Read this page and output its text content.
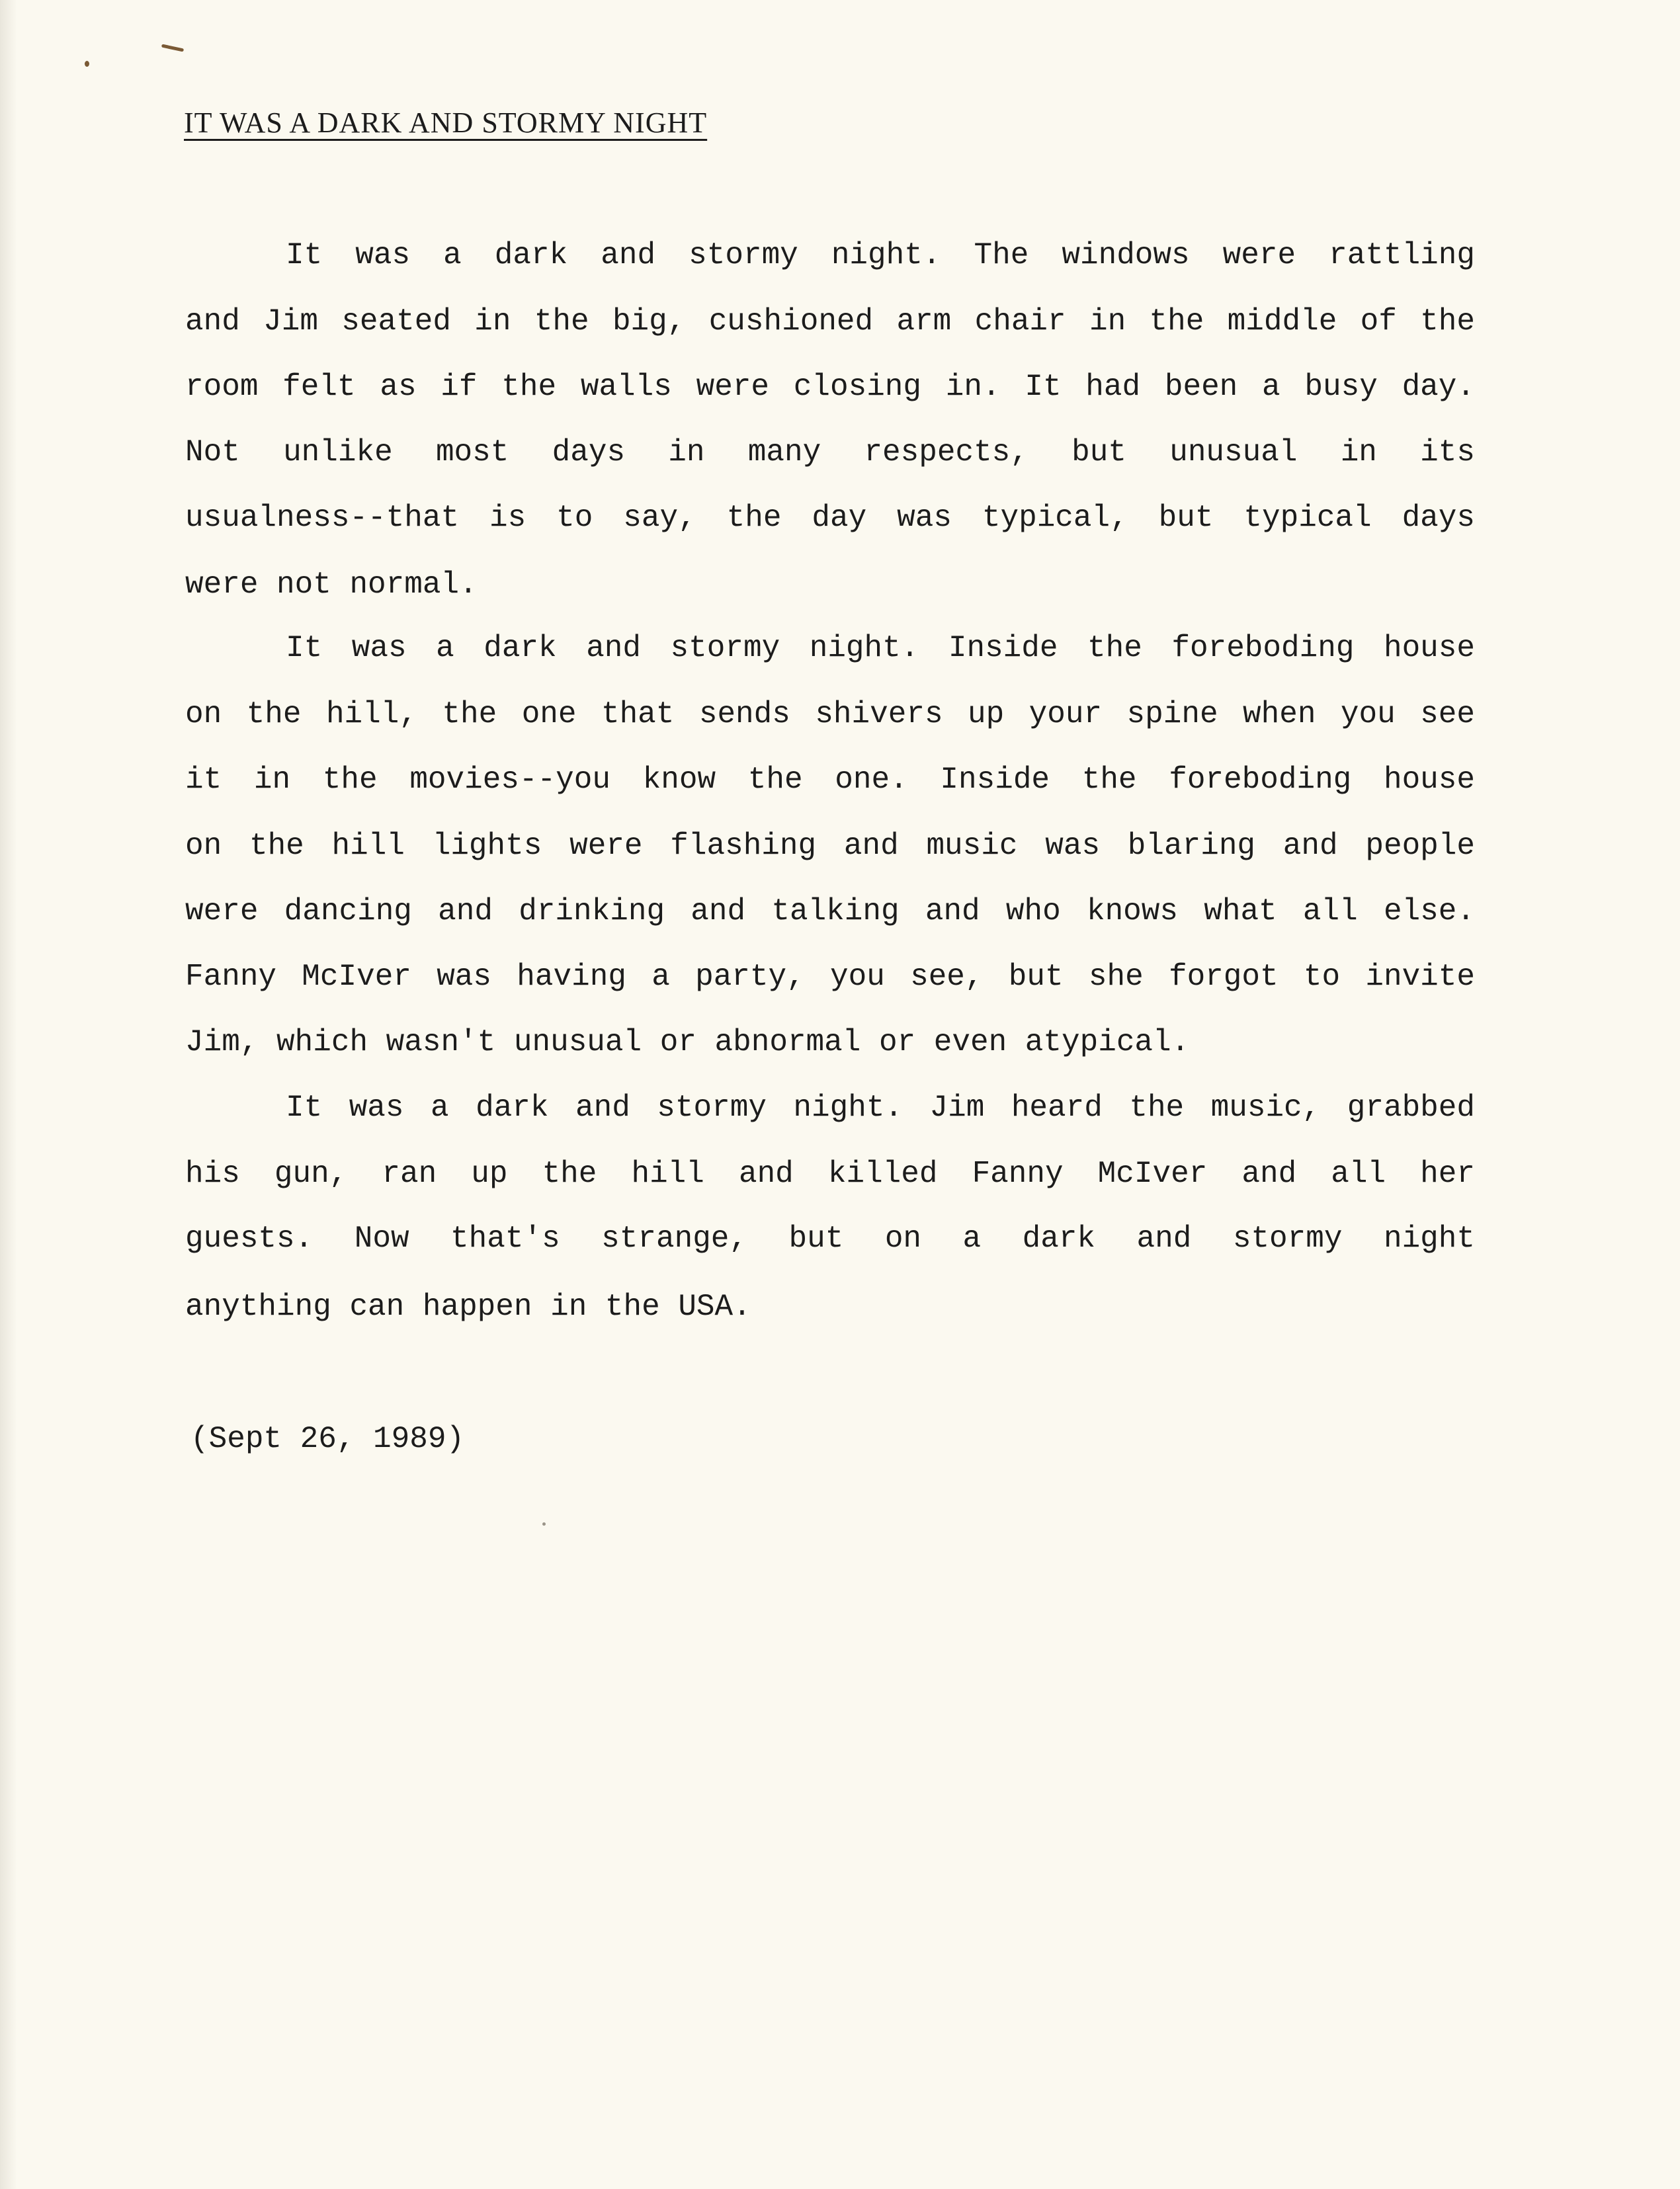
IT WAS A DARK AND STORMY NIGHT
It was a dark and stormy night. The windows were rattling
and Jim seated in the big, cushioned arm chair in the middle of the
room felt as if the walls were closing in. It had been a busy day.
Not unlike most days in many respects, but unusual in its
usualness--that is to say, the day was typical, but typical days
were not normal.
It was a dark and stormy night. Inside the foreboding house
on the hill, the one that sends shivers up your spine when you see
it in the movies--you know the one. Inside the foreboding house
on the hill lights were flashing and music was blaring and people
were dancing and drinking and talking and who knows what all else.
Fanny McIver was having a party, you see, but she forgot to invite
Jim, which wasn't unusual or abnormal or even atypical.
It was a dark and stormy night. Jim heard the music, grabbed
his gun, ran up the hill and killed Fanny McIver and all her
guests. Now that's strange, but on a dark and stormy night
anything can happen in the USA.
(Sept 26, 1989)
